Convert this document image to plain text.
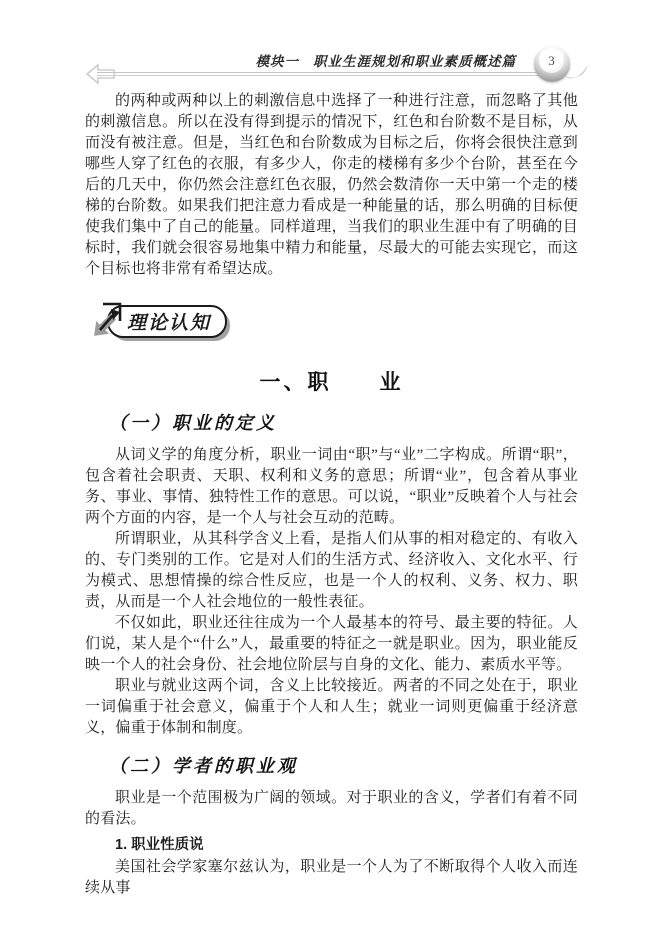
模块一 职业生涯规划和职业素质概述篇	3

的两种或两种以上的刺激信息中选择了一种进行注意，而忽略了其他的刺激信息。所以在没有得到提示的情况下，红色和台阶数不是目标，从而没有被注意。但是，当红色和台阶数成为目标之后，你将会很快注意到哪些人穿了红色的衣服，有多少人，你走的楼梯有多少个台阶，甚至在今后的几天中，你仍然会注意红色衣服，仍然会数清你一天中第一个走的楼梯的台阶数。如果我们把注意力看成是一种能量的话，那么明确的目标便使我们集中了自己的能量。同样道理，当我们的职业生涯中有了明确的目标时，我们就会很容易地集中精力和能量，尽最大的可能去实现它，而这个目标也将非常有希望达成。

理论认知
一、职　　业
（一）职业的定义

从词义学的角度分析，职业一词由“职”与“业”二字构成。所谓“职”，包含着社会职责、天职、权利和义务的意思；所谓“业”，包含着从事业务、事业、事情、独特性工作的意思。可以说，“职业”反映着个人与社会两个方面的内容，是一个人与社会互动的范畴。

所谓职业，从其科学含义上看，是指人们从事的相对稳定的、有收入的、专门类别的工作。它是对人们的生活方式、经济收入、文化水平、行为模式、思想情操的综合性反应，也是一个人的权利、义务、权力、职责，从而是一个人社会地位的一般性表征。

不仅如此，职业还往往成为一个人最基本的符号、最主要的特征。人们说，某人是个“什么”人，最重要的特征之一就是职业。因为，职业能反映一个人的社会身份、社会地位阶层与自身的文化、能力、素质水平等。

职业与就业这两个词，含义上比较接近。两者的不同之处在于，职业一词偏重于社会意义，偏重于个人和人生；就业一词则更偏重于经济意义，偏重于体制和制度。

（二）学者的职业观

职业是一个范围极为广阔的领域。对于职业的含义，学者们有着不同的看法。

1. 职业性质说

美国社会学家塞尔兹认为，职业是一个人为了不断取得个人收入而连续从事
